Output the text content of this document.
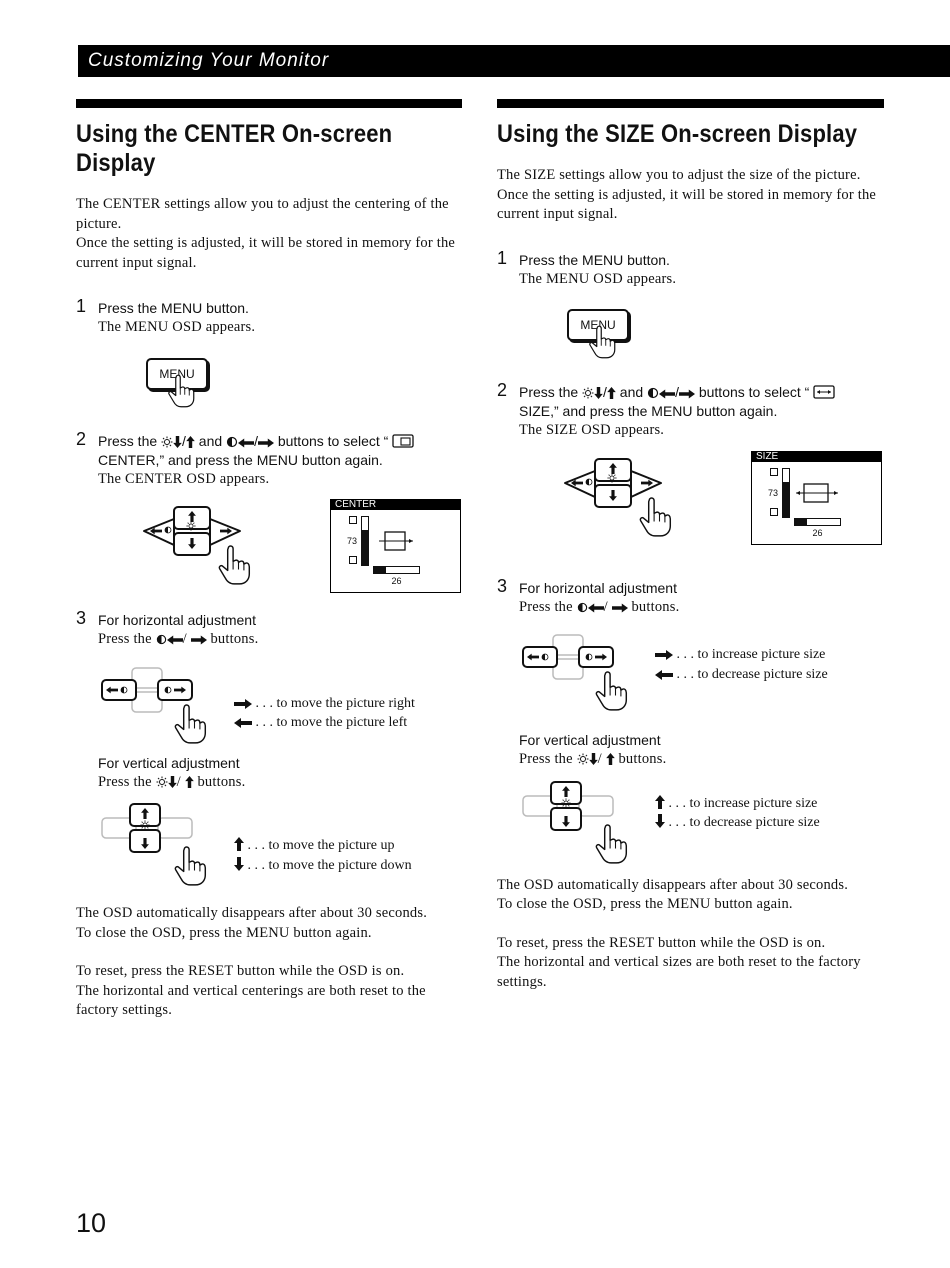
Customizing Your Monitor
Using the CENTER On-screen Display

The CENTER settings allow you to adjust the centering of the picture.

Once the setting is adjusted, it will be stored in memory for the current input signal.

1 Press the MENU button.

The MENU OSD appears.

MENU
2 Press the / and / buttons to select “
CENTER,” and press the MENU button again.

The CENTER OSD appears.

CENTER
73
26
3 For horizontal adjustment

Press the /  buttons.

. . . to move the picture right
. . . to move the picture left
For vertical adjustment

Press the /  buttons.

. . . to move the picture up
. . . to move the picture down

The OSD automatically disappears after about 30 seconds.

To close the OSD, press the MENU button again.

To reset, press the RESET button while the OSD is on.

The horizontal and vertical centerings are both reset to the factory settings.

Using the SIZE On-screen Display

The SIZE settings allow you to adjust the size of the picture.

Once the setting is adjusted, it will be stored in memory for the current input signal.

1 Press the MENU button.

The MENU OSD appears.

MENU
2 Press the / and / buttons to select “
SIZE,” and press the MENU button again.

The SIZE OSD appears.

SIZE
73
26
3 For horizontal adjustment

Press the /  buttons.

. . . to increase picture size
. . . to decrease picture size
For vertical adjustment

Press the /  buttons.

. . . to increase picture size
. . . to decrease picture size

The OSD automatically disappears after about 30 seconds.

To close the OSD, press the MENU button again.

To reset, press the RESET button while the OSD is on.

The horizontal and vertical sizes are both reset to the factory settings.

10
